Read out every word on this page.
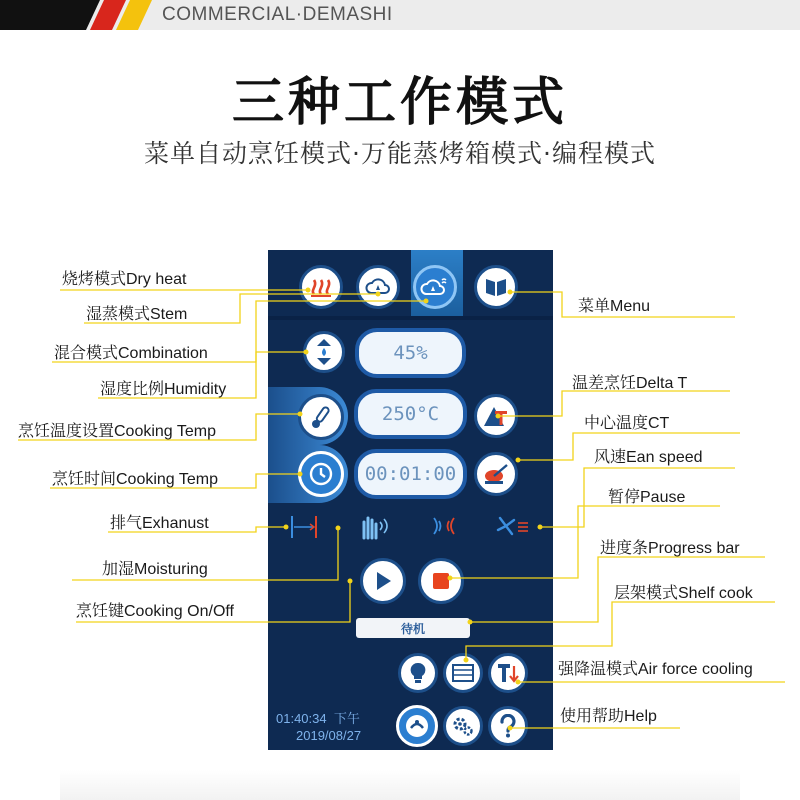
COMMERCIAL·DEMASHI
三种工作模式
菜单自动烹饪模式·万能蒸烤箱模式·编程模式
45%
250°C
00:01:00
待机
01:40:34 下午
2019/08/27
烧烤模式Dry heat
湿蒸模式Stem
混合模式Combination
湿度比例Humidity
烹饪温度设置Cooking Temp
烹饪时间Cooking Temp
排气Exhanust
加湿Moisturing
烹饪键Cooking On/Off
菜单Menu
温差烹饪Delta T
中心温度CT
风速Ean speed
暂停Pause
进度条Progress bar
层架模式Shelf cook
强降温模式Air force cooling
使用帮助Help
